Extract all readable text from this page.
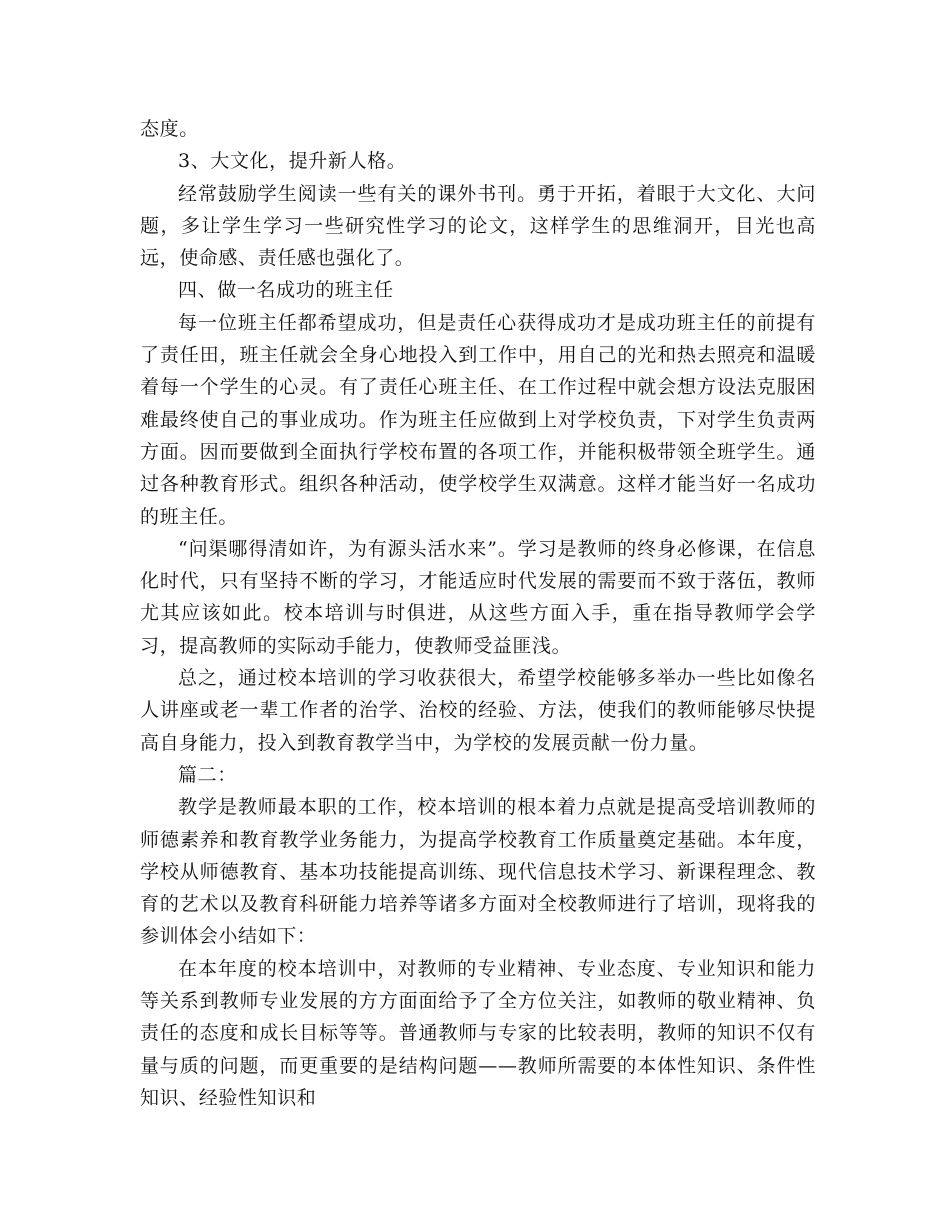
态度。

3、大文化，提升新人格。

经常鼓励学生阅读一些有关的课外书刊。勇于开拓，着眼于大文化、大问题，多让学生学习一些研究性学习的论文，这样学生的思维洞开，目光也高远，使命感、责任感也强化了。

四、做一名成功的班主任

每一位班主任都希望成功，但是责任心获得成功才是成功班主任的前提有了责任田，班主任就会全身心地投入到工作中，用自己的光和热去照亮和温暖着每一个学生的心灵。有了责任心班主任、在工作过程中就会想方设法克服困难最终使自己的事业成功。作为班主任应做到上对学校负责，下对学生负责两方面。因而要做到全面执行学校布置的各项工作，并能积极带领全班学生。通过各种教育形式。组织各种活动，使学校学生双满意。这样才能当好一名成功的班主任。

“问渠哪得清如许，为有源头活水来”。学习是教师的终身必修课，在信息化时代，只有坚持不断的学习，才能适应时代发展的需要而不致于落伍，教师尤其应该如此。校本培训与时俱进，从这些方面入手，重在指导教师学会学习，提高教师的实际动手能力，使教师受益匪浅。

总之，通过校本培训的学习收获很大，希望学校能够多举办一些比如像名人讲座或老一辈工作者的治学、治校的经验、方法，使我们的教师能够尽快提高自身能力，投入到教育教学当中，为学校的发展贡献一份力量。

篇二：

教学是教师最本职的工作，校本培训的根本着力点就是提高受培训教师的师德素养和教育教学业务能力，为提高学校教育工作质量奠定基础。本年度，学校从师德教育、基本功技能提高训练、现代信息技术学习、新课程理念、教育的艺术以及教育科研能力培养等诸多方面对全校教师进行了培训，现将我的参训体会小结如下：

在本年度的校本培训中，对教师的专业精神、专业态度、专业知识和能力等关系到教师专业发展的方方面面给予了全方位关注，如教师的敬业精神、负责任的态度和成长目标等等。普通教师与专家的比较表明，教师的知识不仅有量与质的问题，而更重要的是结构问题——教师所需要的本体性知识、条件性知识、经验性知识和
